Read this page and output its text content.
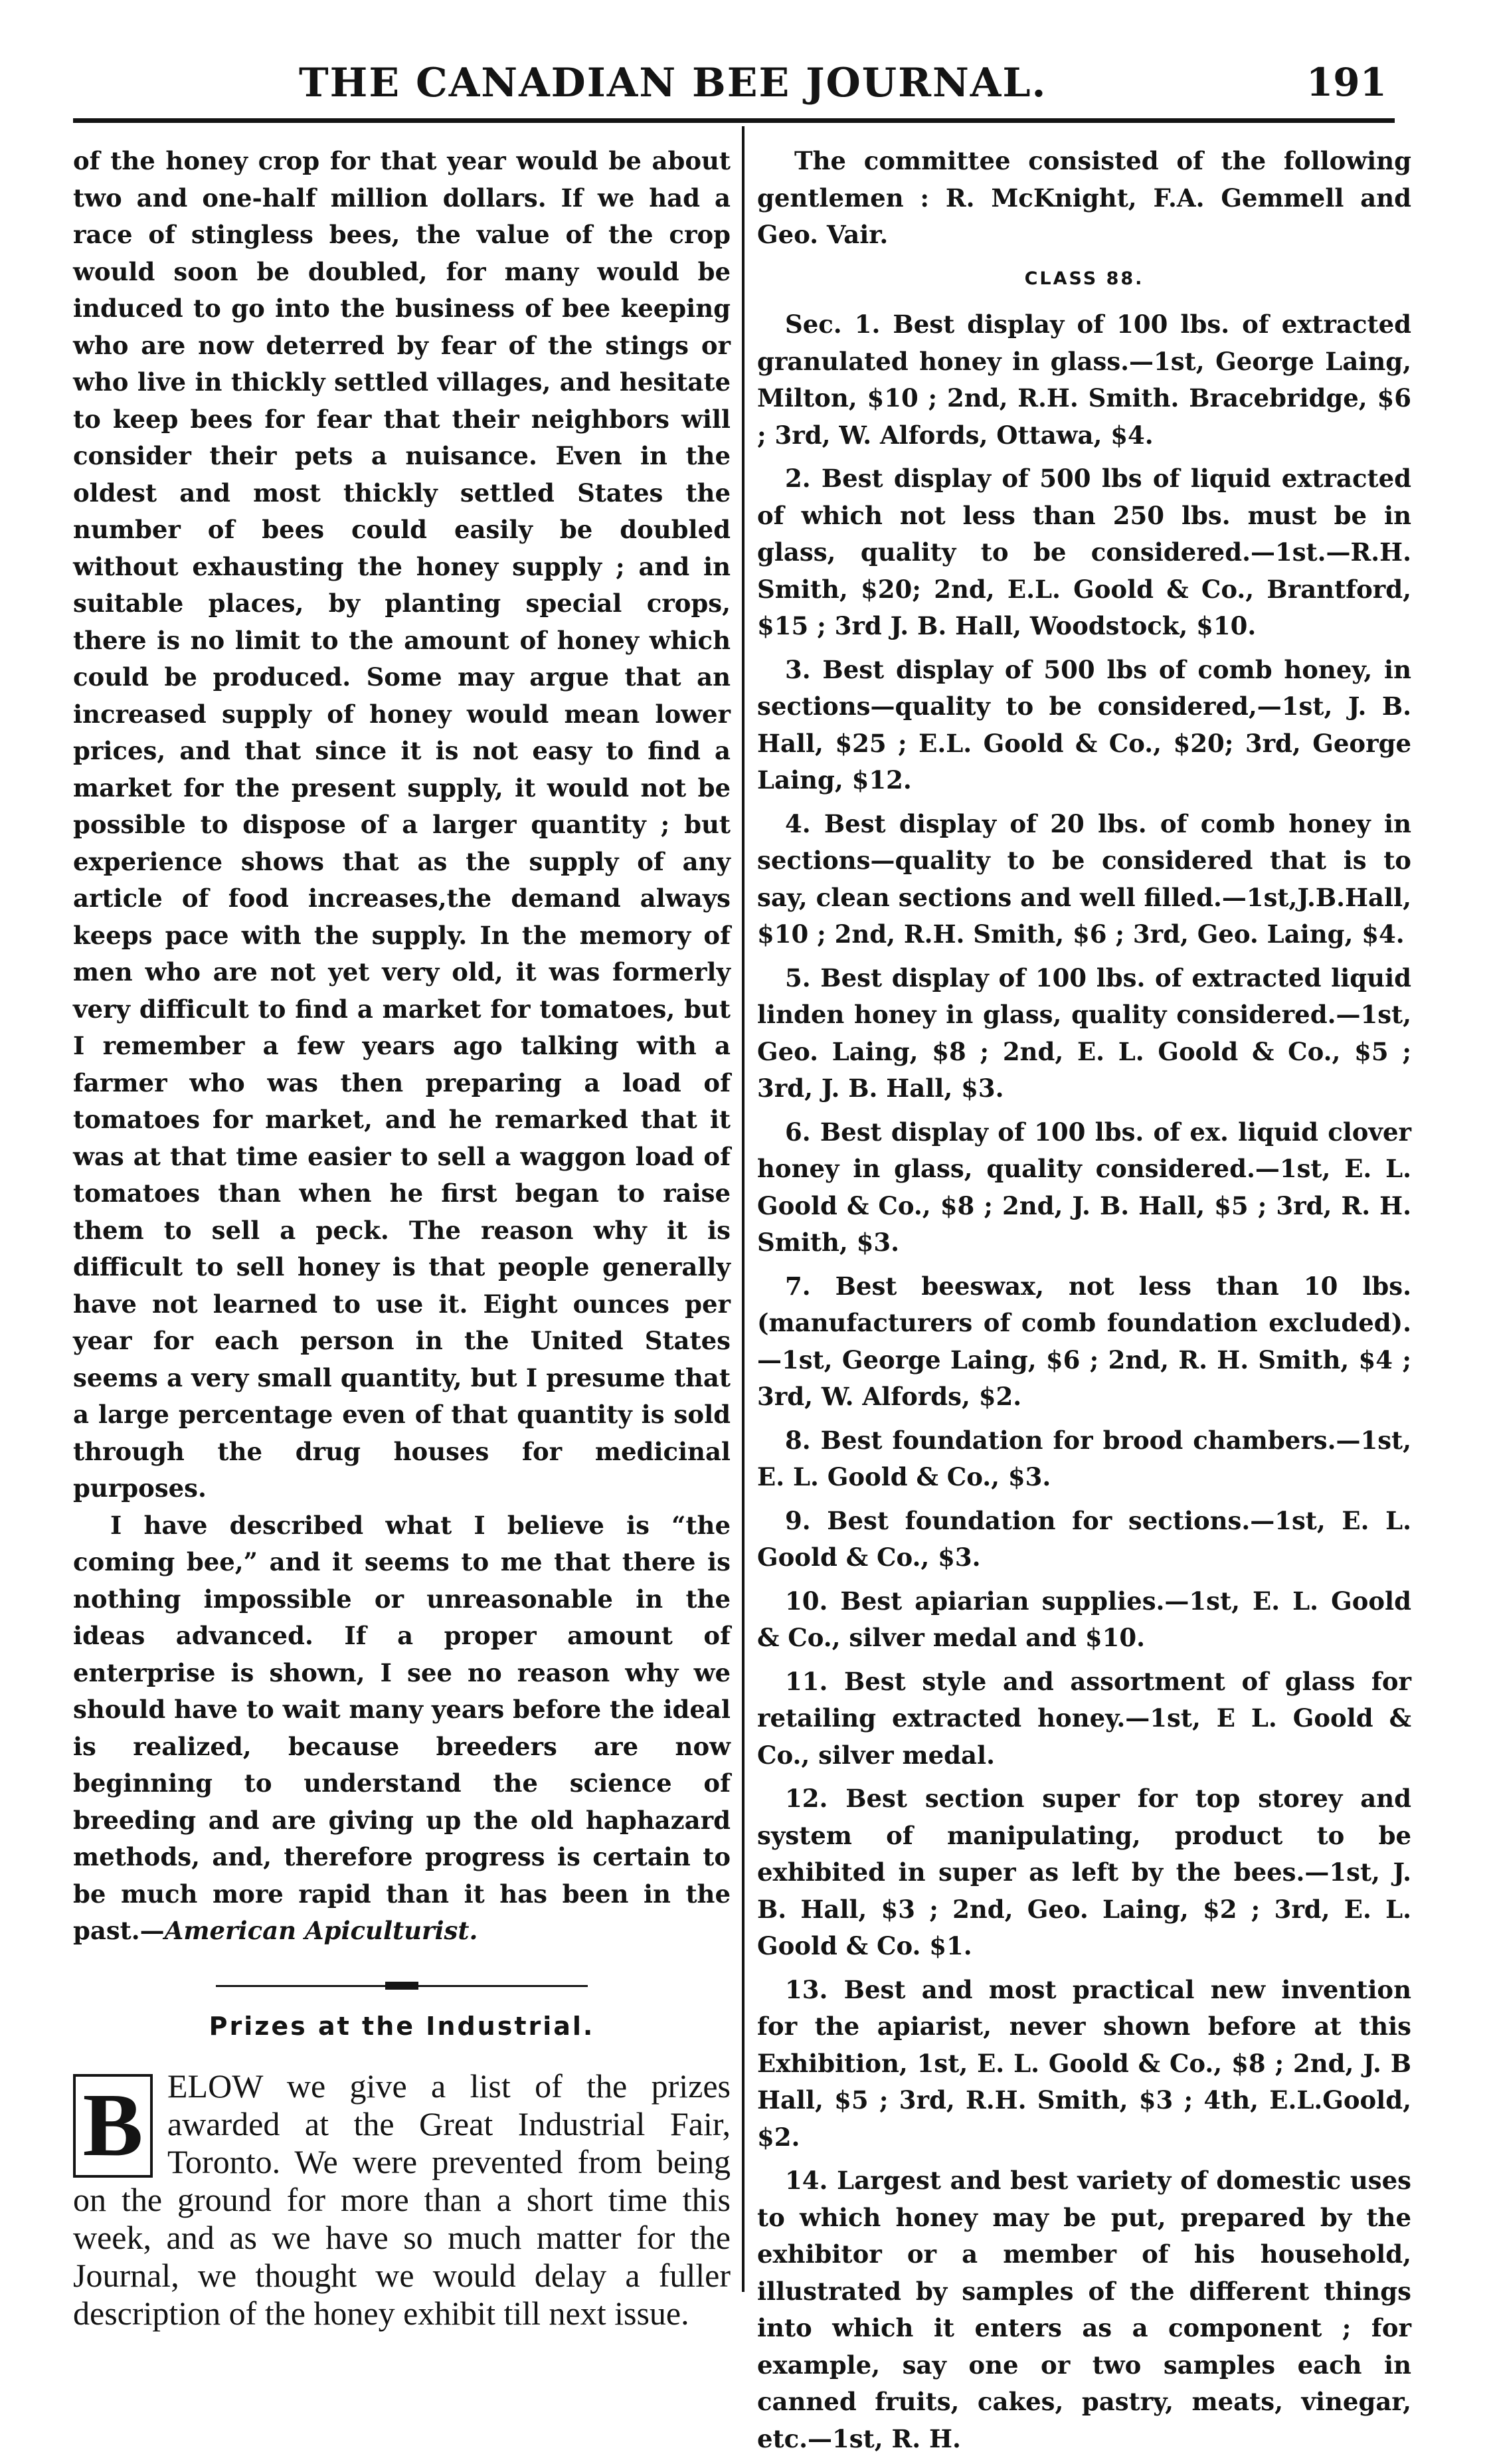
THE CANADIAN BEE JOURNAL.	191

of the honey crop for that year would be about two and one-half million dollars. If we had a race of stingless bees, the value of the crop would soon be doubled, for many would be induced to go into the business of bee keeping who are now deterred by fear of the stings or who live in thickly settled villages, and hesitate to keep bees for fear that their neighbors will consider their pets a nuisance. Even in the oldest and most thickly settled States the number of bees could easily be doubled without exhausting the honey supply ; and in suitable places, by planting special crops, there is no limit to the amount of honey which could be produced. Some may argue that an increased supply of honey would mean lower prices, and that since it is not easy to find a market for the present supply, it would not be possible to dispose of a larger quantity ; but experience shows that as the supply of any article of food increases,the demand always keeps pace with the supply. In the memory of men who are not yet very old, it was formerly very difficult to find a market for tomatoes, but I remember a few years ago talking with a farmer who was then preparing a load of tomatoes for market, and he remarked that it was at that time easier to sell a waggon load of tomatoes than when he first began to raise them to sell a peck. The reason why it is difficult to sell honey is that people generally have not learned to use it. Eight ounces per year for each person in the United States seems a very small quantity, but I presume that a large percentage even of that quantity is sold through the drug houses for medicinal purposes.

I have described what I believe is “the coming bee,” and it seems to me that there is nothing impossible or unreasonable in the ideas advanced. If a proper amount of enterprise is shown, I see no reason why we should have to wait many years before the ideal is realized, because breeders are now beginning to understand the science of breeding and are giving up the old haphazard methods, and, therefore progress is certain to be much more rapid than it has been in the past.—American Apiculturist.

Prizes at the Industrial.
B ELOW we give a list of the prizes awarded at the Great Industrial Fair, Toronto. We were prevented from being on the ground for more than a short time this week, and as we have so much matter for the Journal, we thought we would delay a fuller description of the honey exhibit till next issue.

The committee consisted of the following gentlemen : R. McKnight, F.A. Gemmell and Geo. Vair.

CLASS 88.

Sec. 1. Best display of 100 lbs. of extracted granulated honey in glass.—1st, George Laing, Milton, $10 ; 2nd, R.H. Smith. Bracebridge, $6 ; 3rd, W. Alfords, Ottawa, $4.

2. Best display of 500 lbs of liquid extracted of which not less than 250 lbs. must be in glass, quality to be considered.—1st.—R.H. Smith, $20; 2nd, E.L. Goold & Co., Brantford, $15 ; 3rd J. B. Hall, Woodstock, $10.

3. Best display of 500 lbs of comb honey, in sections—quality to be considered,—1st, J. B. Hall, $25 ; E.L. Goold & Co., $20; 3rd, George Laing, $12.

4. Best display of 20 lbs. of comb honey in sections—quality to be considered that is to say, clean sections and well filled.—1st,J.B.Hall, $10 ; 2nd, R.H. Smith, $6 ; 3rd, Geo. Laing, $4.

5. Best display of 100 lbs. of extracted liquid linden honey in glass, quality considered.—1st, Geo. Laing, $8 ; 2nd, E. L. Goold & Co., $5 ; 3rd, J. B. Hall, $3.

6. Best display of 100 lbs. of ex. liquid clover honey in glass, quality considered.—1st, E. L. Goold & Co., $8 ; 2nd, J. B. Hall, $5 ; 3rd, R. H. Smith, $3.

7. Best beeswax, not less than 10 lbs. (manufacturers of comb foundation excluded).—1st, George Laing, $6 ; 2nd, R. H. Smith, $4 ; 3rd, W. Alfords, $2.

8. Best foundation for brood chambers.—1st, E. L. Goold & Co., $3.

9. Best foundation for sections.—1st, E. L. Goold & Co., $3.

10. Best apiarian supplies.—1st, E. L. Goold & Co., silver medal and $10.

11. Best style and assortment of glass for retailing extracted honey.—1st, E L. Goold & Co., silver medal.

12. Best section super for top storey and system of manipulating, product to be exhibited in super as left by the bees.—1st, J. B. Hall, $3 ; 2nd, Geo. Laing, $2 ; 3rd, E. L. Goold & Co. $1.

13. Best and most practical new invention for the apiarist, never shown before at this Exhibition, 1st, E. L. Goold & Co., $8 ; 2nd, J. B Hall, $5 ; 3rd, R.H. Smith, $3 ; 4th, E.L.Goold, $2.

14. Largest and best variety of domestic uses to which honey may be put, prepared by the exhibitor or a member of his household, illustrated by samples of the different things into which it enters as a component ; for example, say one or two samples each in canned fruits, cakes, pastry, meats, vinegar, etc.—1st, R. H.
